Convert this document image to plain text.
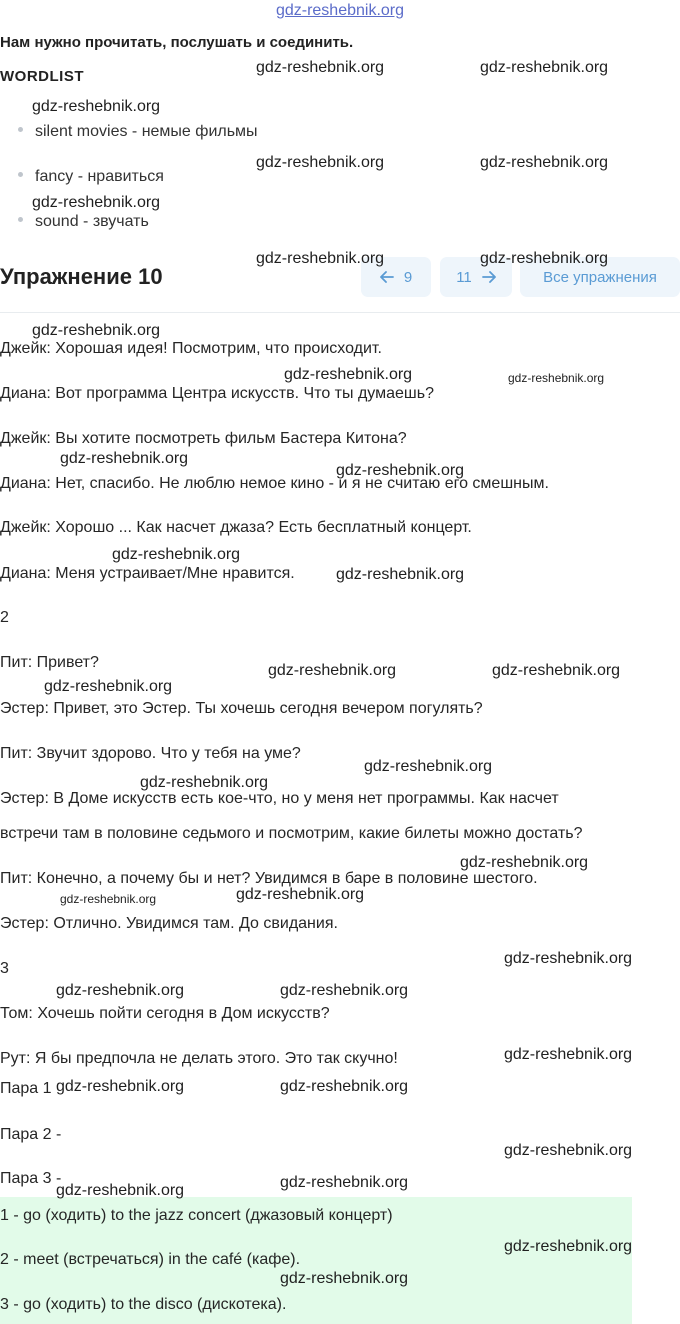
gdz-reshebnik.org
Нам нужно прочитать, послушать и соединить.
WORDLIST
silent movies - немые фильмы
fancy - нравиться
sound - звучать
Упражнение 10	9	11	Все упражнения
Джейк: Хорошая идея! Посмотрим, что происходит.
Диана: Вот программа Центра искусств. Что ты думаешь?
Джейк: Вы хотите посмотреть фильм Бастера Китона?
Диана: Нет, спасибо. Не люблю немое кино - и я не считаю его смешным.
Джейк: Хорошо ... Как насчет джаза? Есть бесплатный концерт.
Диана: Меня устраивает/Мне нравится.
2
Пит: Привет?
Эстер: Привет, это Эстер. Ты хочешь сегодня вечером погулять?
Пит: Звучит здорово. Что у тебя на уме?
Эстер: В Доме искусств есть кое-что, но у меня нет программы. Как насчет
встречи там в половине седьмого и посмотрим, какие билеты можно достать?
Пит: Конечно, а почему бы и нет? Увидимся в баре в половине шестого.
Эстер: Отлично. Увидимся там. До свидания.
3
Том: Хочешь пойти сегодня в Дом искусств?
Рут: Я бы предпочла не делать этого. Это так скучно!
Пара 1
Пара 2 -
Пара 3 -
1 - go (ходить) to the jazz concert (джазовый концерт)
2 - meet (встречаться) in the café (кафе).
3 - go (ходить) to the disco (дискотека).
gdz-reshebnik.org	gdz-reshebnik.org
gdz-reshebnik.org
gdz-reshebnik.org	gdz-reshebnik.org
gdz-reshebnik.org
gdz-reshebnik.org	gdz-reshebnik.org
gdz-reshebnik.org
gdz-reshebnik.org	gdz-reshebnik.org
gdz-reshebnik.org
gdz-reshebnik.org
gdz-reshebnik.org
gdz-reshebnik.org
gdz-reshebnik.org	gdz-reshebnik.org
gdz-reshebnik.org
gdz-reshebnik.org
gdz-reshebnik.org
gdz-reshebnik.org
gdz-reshebnik.org	gdz-reshebnik.org
gdz-reshebnik.org
gdz-reshebnik.org	gdz-reshebnik.org
gdz-reshebnik.org
gdz-reshebnik.org	gdz-reshebnik.org
gdz-reshebnik.org
gdz-reshebnik.org
gdz-reshebnik.org
gdz-reshebnik.org
gdz-reshebnik.org
